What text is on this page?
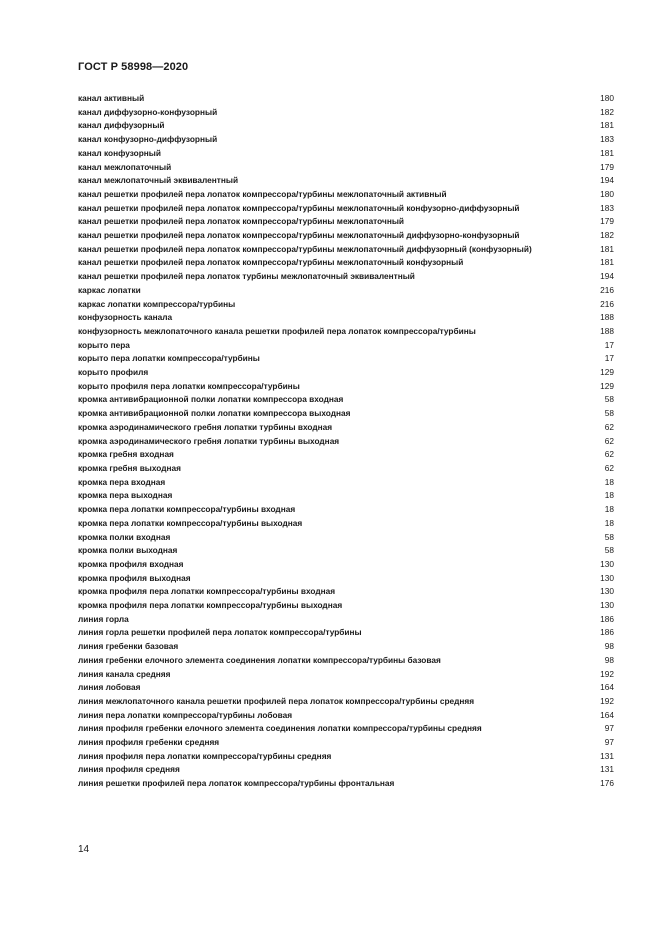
ГОСТ Р 58998—2020
канал активный	180
канал диффузорно-конфузорный	182
канал диффузорный	181
канал конфузорно-диффузорный	183
канал конфузорный	181
канал межлопаточный	179
канал межлопаточный эквивалентный	194
канал решетки профилей пера лопаток компрессора/турбины межлопаточный активный	180
канал решетки профилей пера лопаток компрессора/турбины межлопаточный конфузорно-диффузорный	183
канал решетки профилей пера лопаток компрессора/турбины межлопаточный	179
канал решетки профилей пера лопаток компрессора/турбины межлопаточный диффузорно-конфузорный	182
канал решетки профилей пера лопаток компрессора/турбины межлопаточный диффузорный (конфузорный)	181
канал решетки профилей пера лопаток компрессора/турбины межлопаточный конфузорный	181
канал решетки профилей пера лопаток турбины межлопаточный эквивалентный	194
каркас лопатки	216
каркас лопатки компрессора/турбины	216
конфузорность канала	188
конфузорность межлопаточного канала решетки профилей пера лопаток компрессора/турбины	188
корыто пера	17
корыто пера лопатки компрессора/турбины	17
корыто профиля	129
корыто профиля пера лопатки компрессора/турбины	129
кромка антивибрационной полки лопатки компрессора входная	58
кромка антивибрационной полки лопатки компрессора выходная	58
кромка аэродинамического гребня лопатки турбины входная	62
кромка аэродинамического гребня лопатки турбины выходная	62
кромка гребня входная	62
кромка гребня выходная	62
кромка пера входная	18
кромка пера выходная	18
кромка пера лопатки компрессора/турбины входная	18
кромка пера лопатки компрессора/турбины выходная	18
кромка полки входная	58
кромка полки выходная	58
кромка профиля входная	130
кромка профиля выходная	130
кромка профиля пера лопатки компрессора/турбины входная	130
кромка профиля пера лопатки компрессора/турбины выходная	130
линия горла	186
линия горла решетки профилей пера лопаток компрессора/турбины	186
линия гребенки базовая	98
линия гребенки елочного элемента соединения лопатки компрессора/турбины базовая	98
линия канала средняя	192
линия лобовая	164
линия межлопаточного канала решетки профилей пера лопаток компрессора/турбины средняя	192
линия пера лопатки компрессора/турбины лобовая	164
линия профиля гребенки елочного элемента соединения лопатки компрессора/турбины средняя	97
линия профиля гребенки средняя	97
линия профиля пера лопатки компрессора/турбины средняя	131
линия профиля средняя	131
линия решетки профилей пера лопаток компрессора/турбины фронтальная	176
14
